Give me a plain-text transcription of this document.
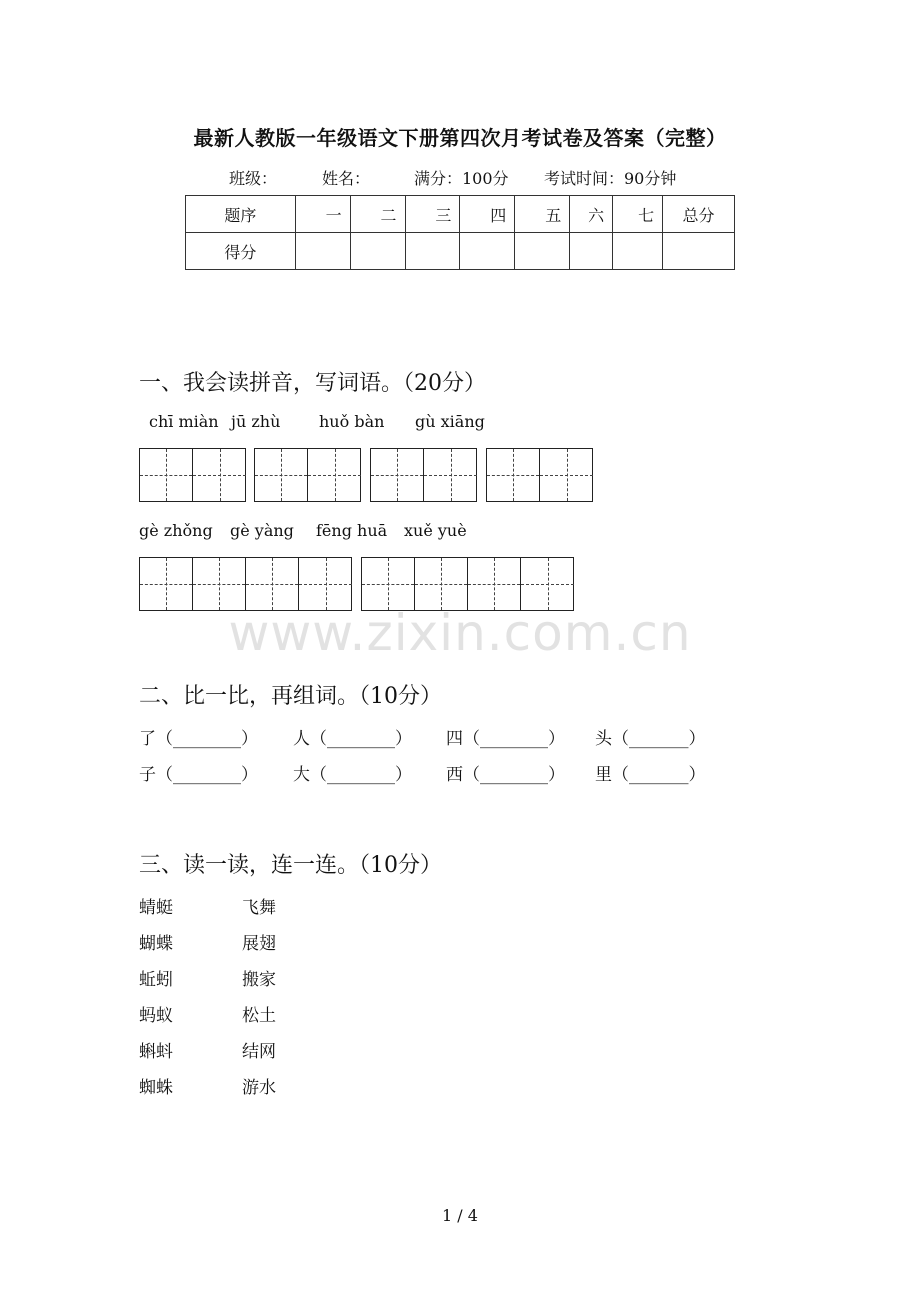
最新人教版一年级语文下册第四次月考试卷及答案（完整）
班级：	姓名：	满分：100分 考试时间：90分钟
题序	一	二	三	四	五	六	七	总分
得分								
一、我会读拼音，写词语。（20分）
chī miàn jū zhù huǒ bàn gù xiāng
gè zhǒng gè yàng fēng huā xuě yuè
www.zixin.com.cn
二、比一比，再组词。（10分）
了（________） 人（________） 四（________） 头（_______）
子（________） 大（________） 西（________） 里（_______）
三、读一读，连一连。（10分）
蜻蜓	飞舞
蝴蝶	展翅
蚯蚓	搬家
蚂蚁	松土
蝌蚪	结网
蜘蛛	游水
1 / 4
